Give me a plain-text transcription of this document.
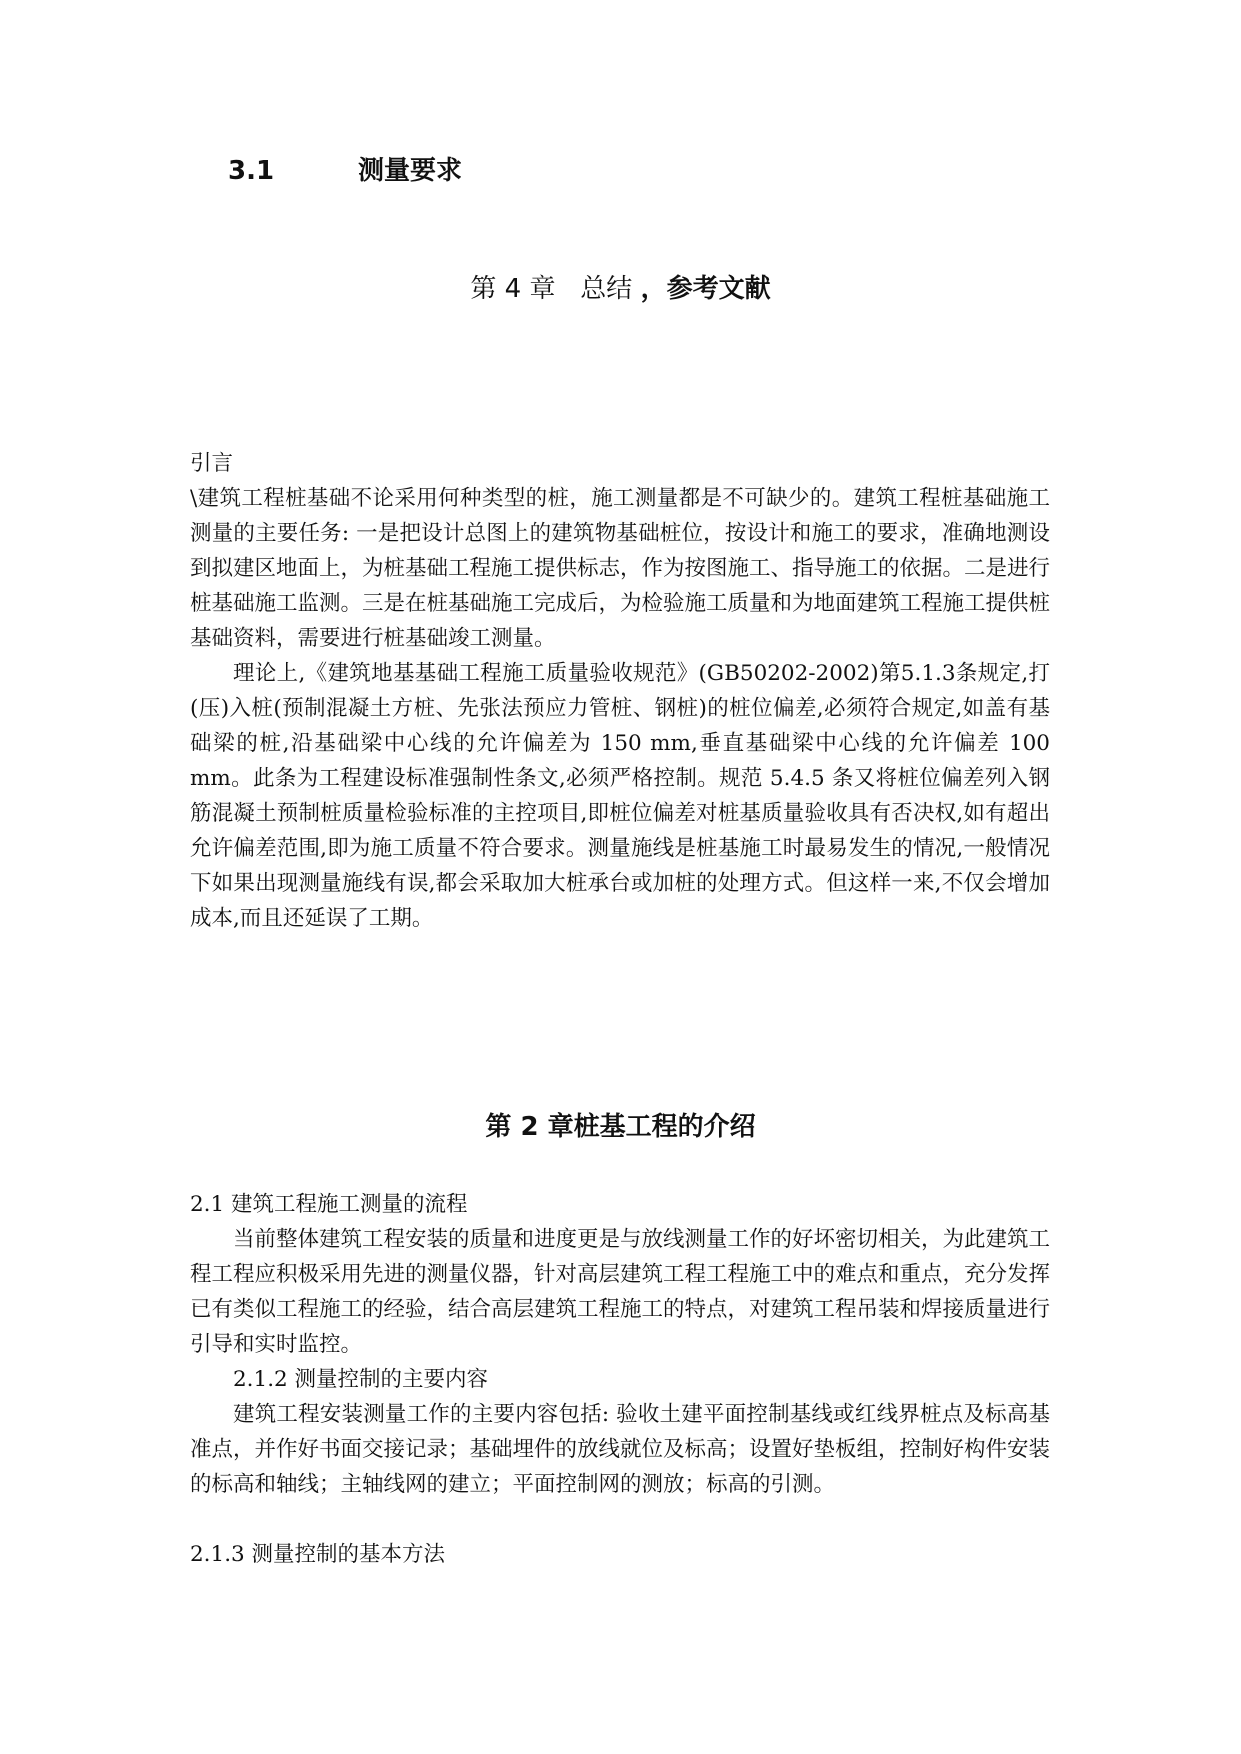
3.1	测量要求
第 4 章 总结 ，参考文献

引言

\建筑工程桩基础不论采用何种类型的桩，施工测量都是不可缺少的。建筑工程桩基础施工测量的主要任务: 一是把设计总图上的建筑物基础桩位，按设计和施工的要求，准确地测设到拟建区地面上，为桩基础工程施工提供标志，作为按图施工、指导施工的依据。二是进行桩基础施工监测。三是在桩基础施工完成后，为检验施工质量和为地面建筑工程施工提供桩基础资料，需要进行桩基础竣工测量。

理论上,《建筑地基基础工程施工质量验收规范》(GB50202-2002)第5.1.3条规定,打(压)入桩(预制混凝土方桩、先张法预应力管桩、钢桩)的桩位偏差,必须符合规定,如盖有基础梁的桩,沿基础梁中心线的允许偏差为 150 mm,垂直基础梁中心线的允许偏差 100 mm。此条为工程建设标准强制性条文,必须严格控制。规范 5.4.5 条又将桩位偏差列入钢筋混凝土预制桩质量检验标准的主控项目,即桩位偏差对桩基质量验收具有否决权,如有超出允许偏差范围,即为施工质量不符合要求。测量施线是桩基施工时最易发生的情况,一般情况下如果出现测量施线有误,都会采取加大桩承台或加桩的处理方式。但这样一来,不仅会增加成本,而且还延误了工期。

第 2 章桩基工程的介绍

2.1 建筑工程施工测量的流程

当前整体建筑工程安装的质量和进度更是与放线测量工作的好坏密切相关，为此建筑工程工程应积极采用先进的测量仪器，针对高层建筑工程工程施工中的难点和重点，充分发挥已有类似工程施工的经验，结合高层建筑工程施工的特点，对建筑工程吊装和焊接质量进行引导和实时监控。

2.1.2 测量控制的主要内容

建筑工程安装测量工作的主要内容包括: 验收土建平面控制基线或红线界桩点及标高基准点，并作好书面交接记录；基础埋件的放线就位及标高；设置好垫板组，控制好构件安装的标高和轴线；主轴线网的建立；平面控制网的测放；标高的引测。

2.1.3 测量控制的基本方法
